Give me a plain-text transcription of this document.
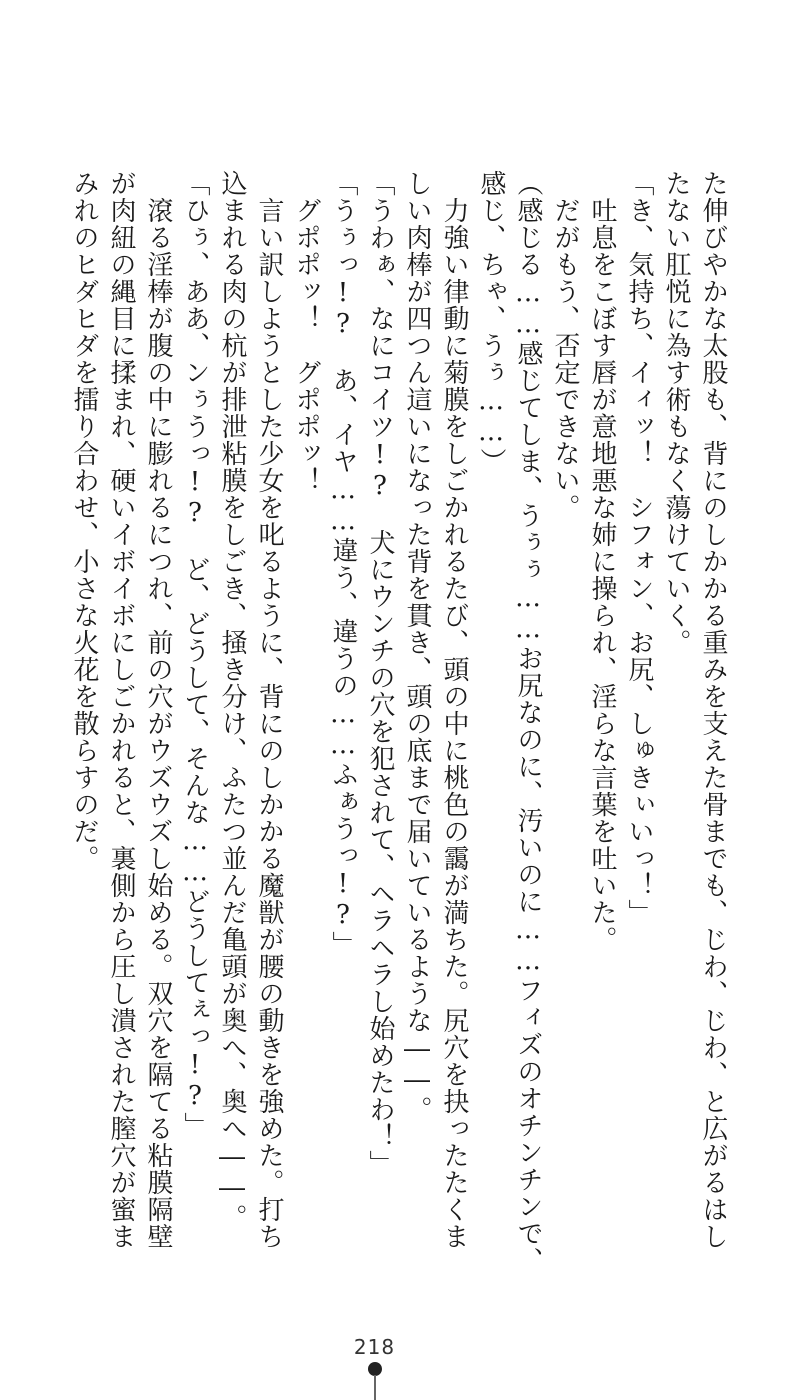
た伸びやかな太股も、背にのしかかる重みを支えた骨までも、じわ、じわ、と広がるはし

たない肛悦に為す術もなく蕩けていく。

「き、気持ち、イィッ！　シフォン、お尻、しゅきぃいっ！」

　吐息をこぼす唇が意地悪な姉に操られ、淫らな言葉を吐いた。

　だがもう、否定できない。

（感じる……感じてしま、うぅぅ……お尻なのに、汚いのに……フィズのオチンチンで、

感じ、ちゃ、うぅ……）

　力強い律動に菊膜をしごかれるたび、頭の中に桃色の靄が満ちた。尻穴を抉ったたくま

しい肉棒が四つん這いになった背を貫き、頭の底まで届いているような――。

「うわぁ、なにコイツ!?　犬にウンチの穴を犯されて、ヘラヘラし始めたわ！」

「うぅっ!?　あ、イヤ……違う、違うの……ふぁうっ!?」

　グポポッ！　グポポッ！

　言い訳しようとした少女を叱るように、背にのしかかる魔獣が腰の動きを強めた。打ち

込まれる肉の杭が排泄粘膜をしごき、掻き分け、ふたつ並んだ亀頭が奥へ、奥へ――。

「ひぅ、ああ、ンぅうっ!?　ど、どうして、そんな……どうしてぇっ!?」

　滾る淫棒が腹の中に膨れるにつれ、前の穴がウズウズし始める。双穴を隔てる粘膜隔壁

が肉紐の縄目に揉まれ、硬いイボイボにしごかれると、裏側から圧し潰された膣穴が蜜ま

みれのヒダヒダを擂り合わせ、小さな火花を散らすのだ。

218
